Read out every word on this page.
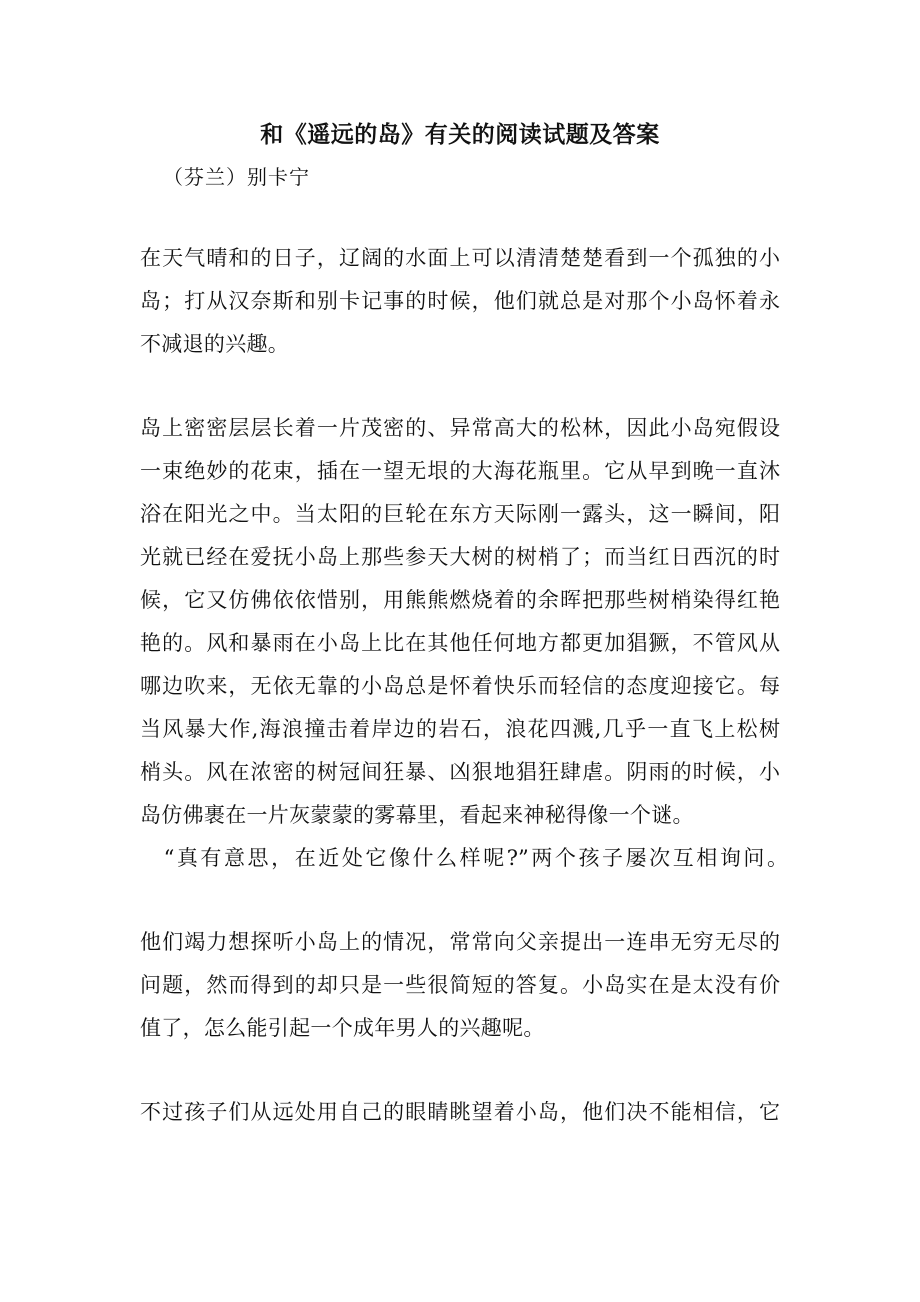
和《遥远的岛》有关的阅读试题及答案
（芬兰）别卡宁
在天气晴和的日子，辽阔的水面上可以清清楚楚看到一个孤独的小
岛；打从汉奈斯和别卡记事的时候，他们就总是对那个小岛怀着永
不减退的兴趣。
岛上密密层层长着一片茂密的、异常高大的松林，因此小岛宛假设
一束绝妙的花束，插在一望无垠的大海花瓶里。它从早到晚一直沐
浴在阳光之中。当太阳的巨轮在东方天际刚一露头，这一瞬间，阳
光就已经在爱抚小岛上那些参天大树的树梢了；而当红日西沉的时
候，它又仿佛依依惜别，用熊熊燃烧着的余晖把那些树梢染得红艳
艳的。风和暴雨在小岛上比在其他任何地方都更加猖獗，不管风从
哪边吹来，无依无靠的小岛总是怀着快乐而轻信的态度迎接它。每
当风暴大作,海浪撞击着岸边的岩石，浪花四溅,几乎一直飞上松树
梢头。风在浓密的树冠间狂暴、凶狠地猖狂肆虐。阴雨的时候，小
岛仿佛裹在一片灰蒙蒙的雾幕里，看起来神秘得像一个谜。
　“真有意思，在近处它像什么样呢?”两个孩子屡次互相询问。
他们竭力想探听小岛上的情况，常常向父亲提出一连串无穷无尽的
问题，然而得到的却只是一些很简短的答复。小岛实在是太没有价
值了，怎么能引起一个成年男人的兴趣呢。
不过孩子们从远处用自己的眼睛眺望着小岛，他们决不能相信，它
